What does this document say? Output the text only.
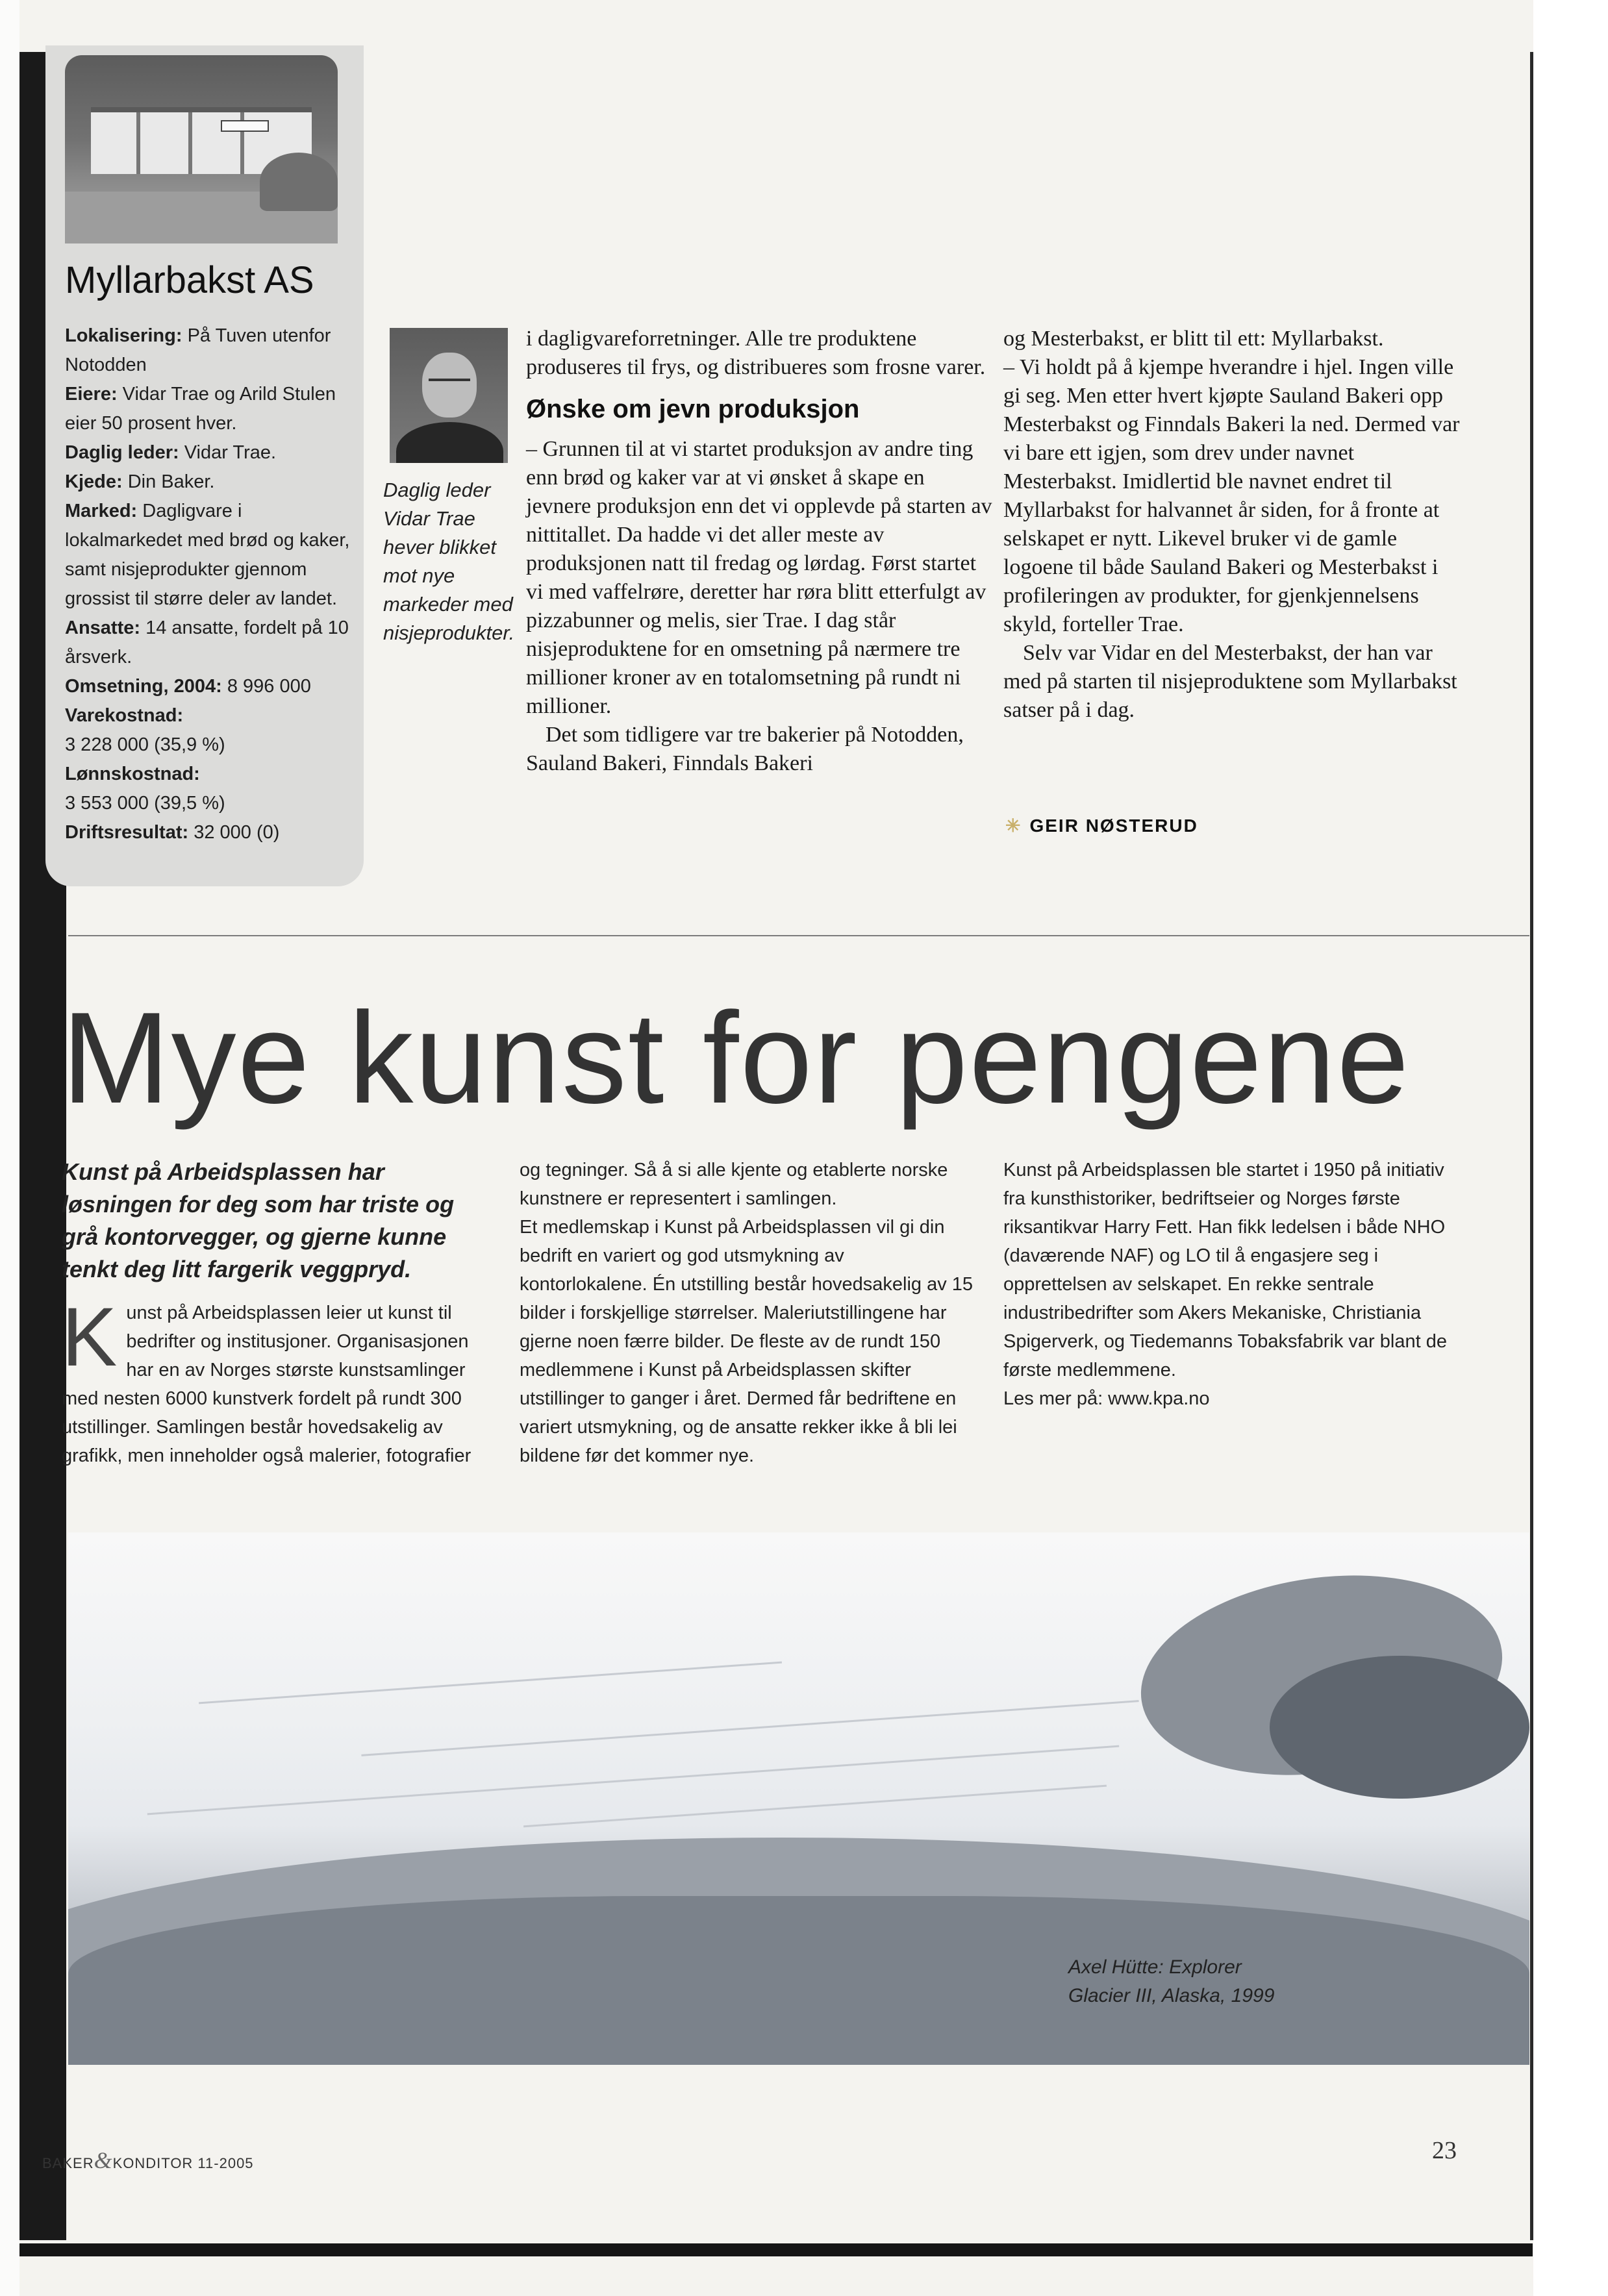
Myllarbakst AS

Lokalisering: På Tuven utenfor Notodden

Eiere: Vidar Trae og Arild Stulen eier 50 prosent hver.

Daglig leder: Vidar Trae.

Kjede: Din Baker.

Marked: Dagligvare i lokalmarkedet med brød og kaker, samt nisjeprodukter gjennom grossist til større deler av landet.

Ansatte: 14 ansatte, fordelt på 10 årsverk.

Omsetning, 2004: 8 996 000

Varekostnad:
3 228 000 (35,9 %)

Lønnskostnad:
3 553 000 (39,5 %)

Driftsresultat: 32 000 (0)

Daglig leder Vidar Trae hever blikket mot nye markeder med nisjeprodukter.

i dagligvareforretninger. Alle tre produktene produseres til frys, og distribueres som frosne varer.

Ønske om jevn produksjon

– Grunnen til at vi startet produksjon av andre ting enn brød og kaker var at vi ønsket å skape en jevnere produksjon enn det vi opplevde på starten av nittitallet. Da hadde vi det aller meste av produksjonen natt til fredag og lørdag. Først startet vi med vaffelrøre, deretter har røra blitt etterfulgt av pizzabunner og melis, sier Trae. I dag står nisjeproduktene for en omsetning på nærmere tre millioner kroner av en totalomsetning på rundt ni millioner.

Det som tidligere var tre bakerier på Notodden, Sauland Bakeri, Finndals Bakeri

og Mesterbakst, er blitt til ett: Myllarbakst.

– Vi holdt på å kjempe hverandre i hjel. Ingen ville gi seg. Men etter hvert kjøpte Sauland Bakeri opp Mesterbakst og Finndals Bakeri la ned. Dermed var vi bare ett igjen, som drev under navnet Mesterbakst. Imidlertid ble navnet endret til Myllarbakst for halvannet år siden, for å fronte at selskapet er nytt. Likevel bruker vi de gamle logoene til både Sauland Bakeri og Mesterbakst i profileringen av produkter, for gjenkjennelsens skyld, forteller Trae.

Selv var Vidar en del Mesterbakst, der han var med på starten til nisjeproduktene som Myllarbakst satser på i dag.

✳ GEIR NØSTERUD
Mye kunst for pengene

Kunst på Arbeidsplassen har løsningen for deg som har triste og grå kontorvegger, og gjerne kunne tenkt deg litt fargerik veggpryd.

Kunst på Arbeidsplassen leier ut kunst til bedrifter og institusjoner. Organisasjonen har en av Norges største kunstsamlinger med nesten 6000 kunstverk fordelt på rundt 300 utstillinger. Samlingen består hovedsakelig av grafikk, men inneholder også malerier, fotografier

og tegninger. Så å si alle kjente og etablerte norske kunstnere er representert i samlingen.

Et medlemskap i Kunst på Arbeidsplassen vil gi din bedrift en variert og god utsmykning av kontorlokalene. Én utstilling består hovedsakelig av 15 bilder i forskjellige størrelser. Maleriutstillingene har gjerne noen færre bilder. De fleste av de rundt 150 medlemmene i Kunst på Arbeidsplassen skifter utstillinger to ganger i året. Dermed får bedriftene en variert utsmykning, og de ansatte rekker ikke å bli lei bildene før det kommer nye.

Kunst på Arbeidsplassen ble startet i 1950 på initiativ fra kunsthistoriker, bedriftseier og Norges første riksantikvar Harry Fett. Han fikk ledelsen i både NHO (daværende NAF) og LO til å engasjere seg i opprettelsen av selskapet. En rekke sentrale industribedrifter som Akers Mekaniske, Christiania Spigerverk, og Tiedemanns Tobaksfabrik var blant de første medlemmene.

Les mer på: www.kpa.no

Axel Hütte: Explorer Glacier III, Alaska, 1999
BAKER&KONDITOR 11-2005	23
